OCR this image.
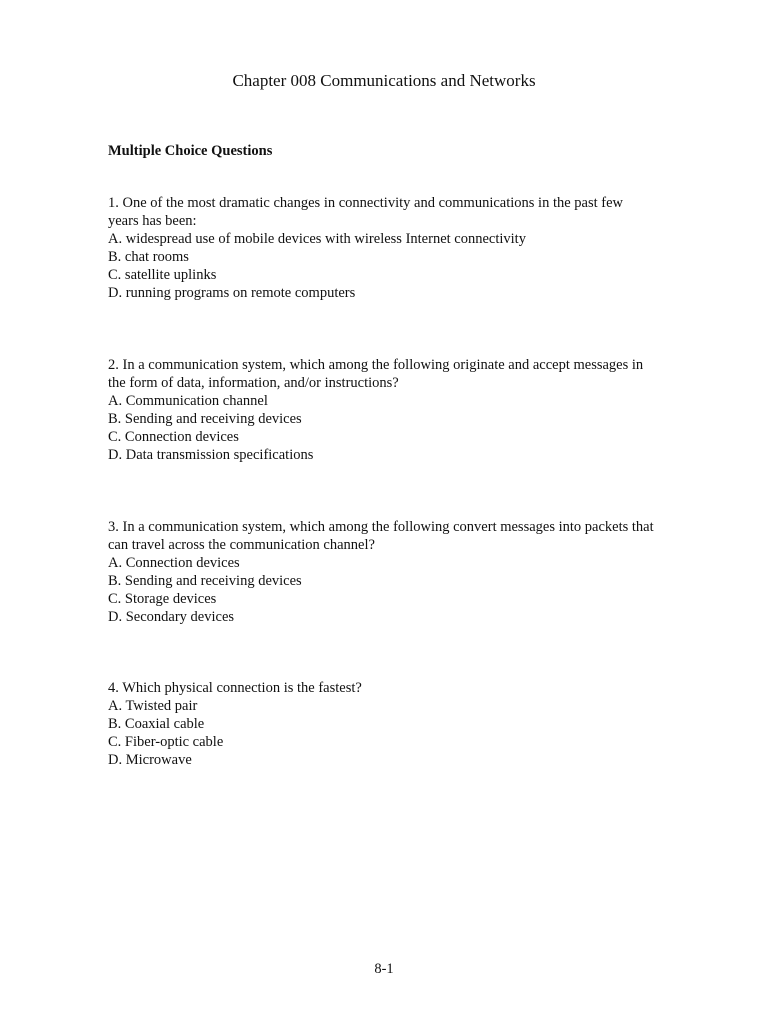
Chapter 008 Communications and Networks
Multiple Choice Questions
1. One of the most dramatic changes in connectivity and communications in the past few
years has been:
A. widespread use of mobile devices with wireless Internet connectivity
B. chat rooms
C. satellite uplinks
D. running programs on remote computers
2. In a communication system, which among the following originate and accept messages in
the form of data, information, and/or instructions?
A. Communication channel
B. Sending and receiving devices
C. Connection devices
D. Data transmission specifications
3. In a communication system, which among the following convert messages into packets that
can travel across the communication channel?
A. Connection devices
B. Sending and receiving devices
C. Storage devices
D. Secondary devices
4. Which physical connection is the fastest?
A. Twisted pair
B. Coaxial cable
C. Fiber-optic cable
D. Microwave
8-1
